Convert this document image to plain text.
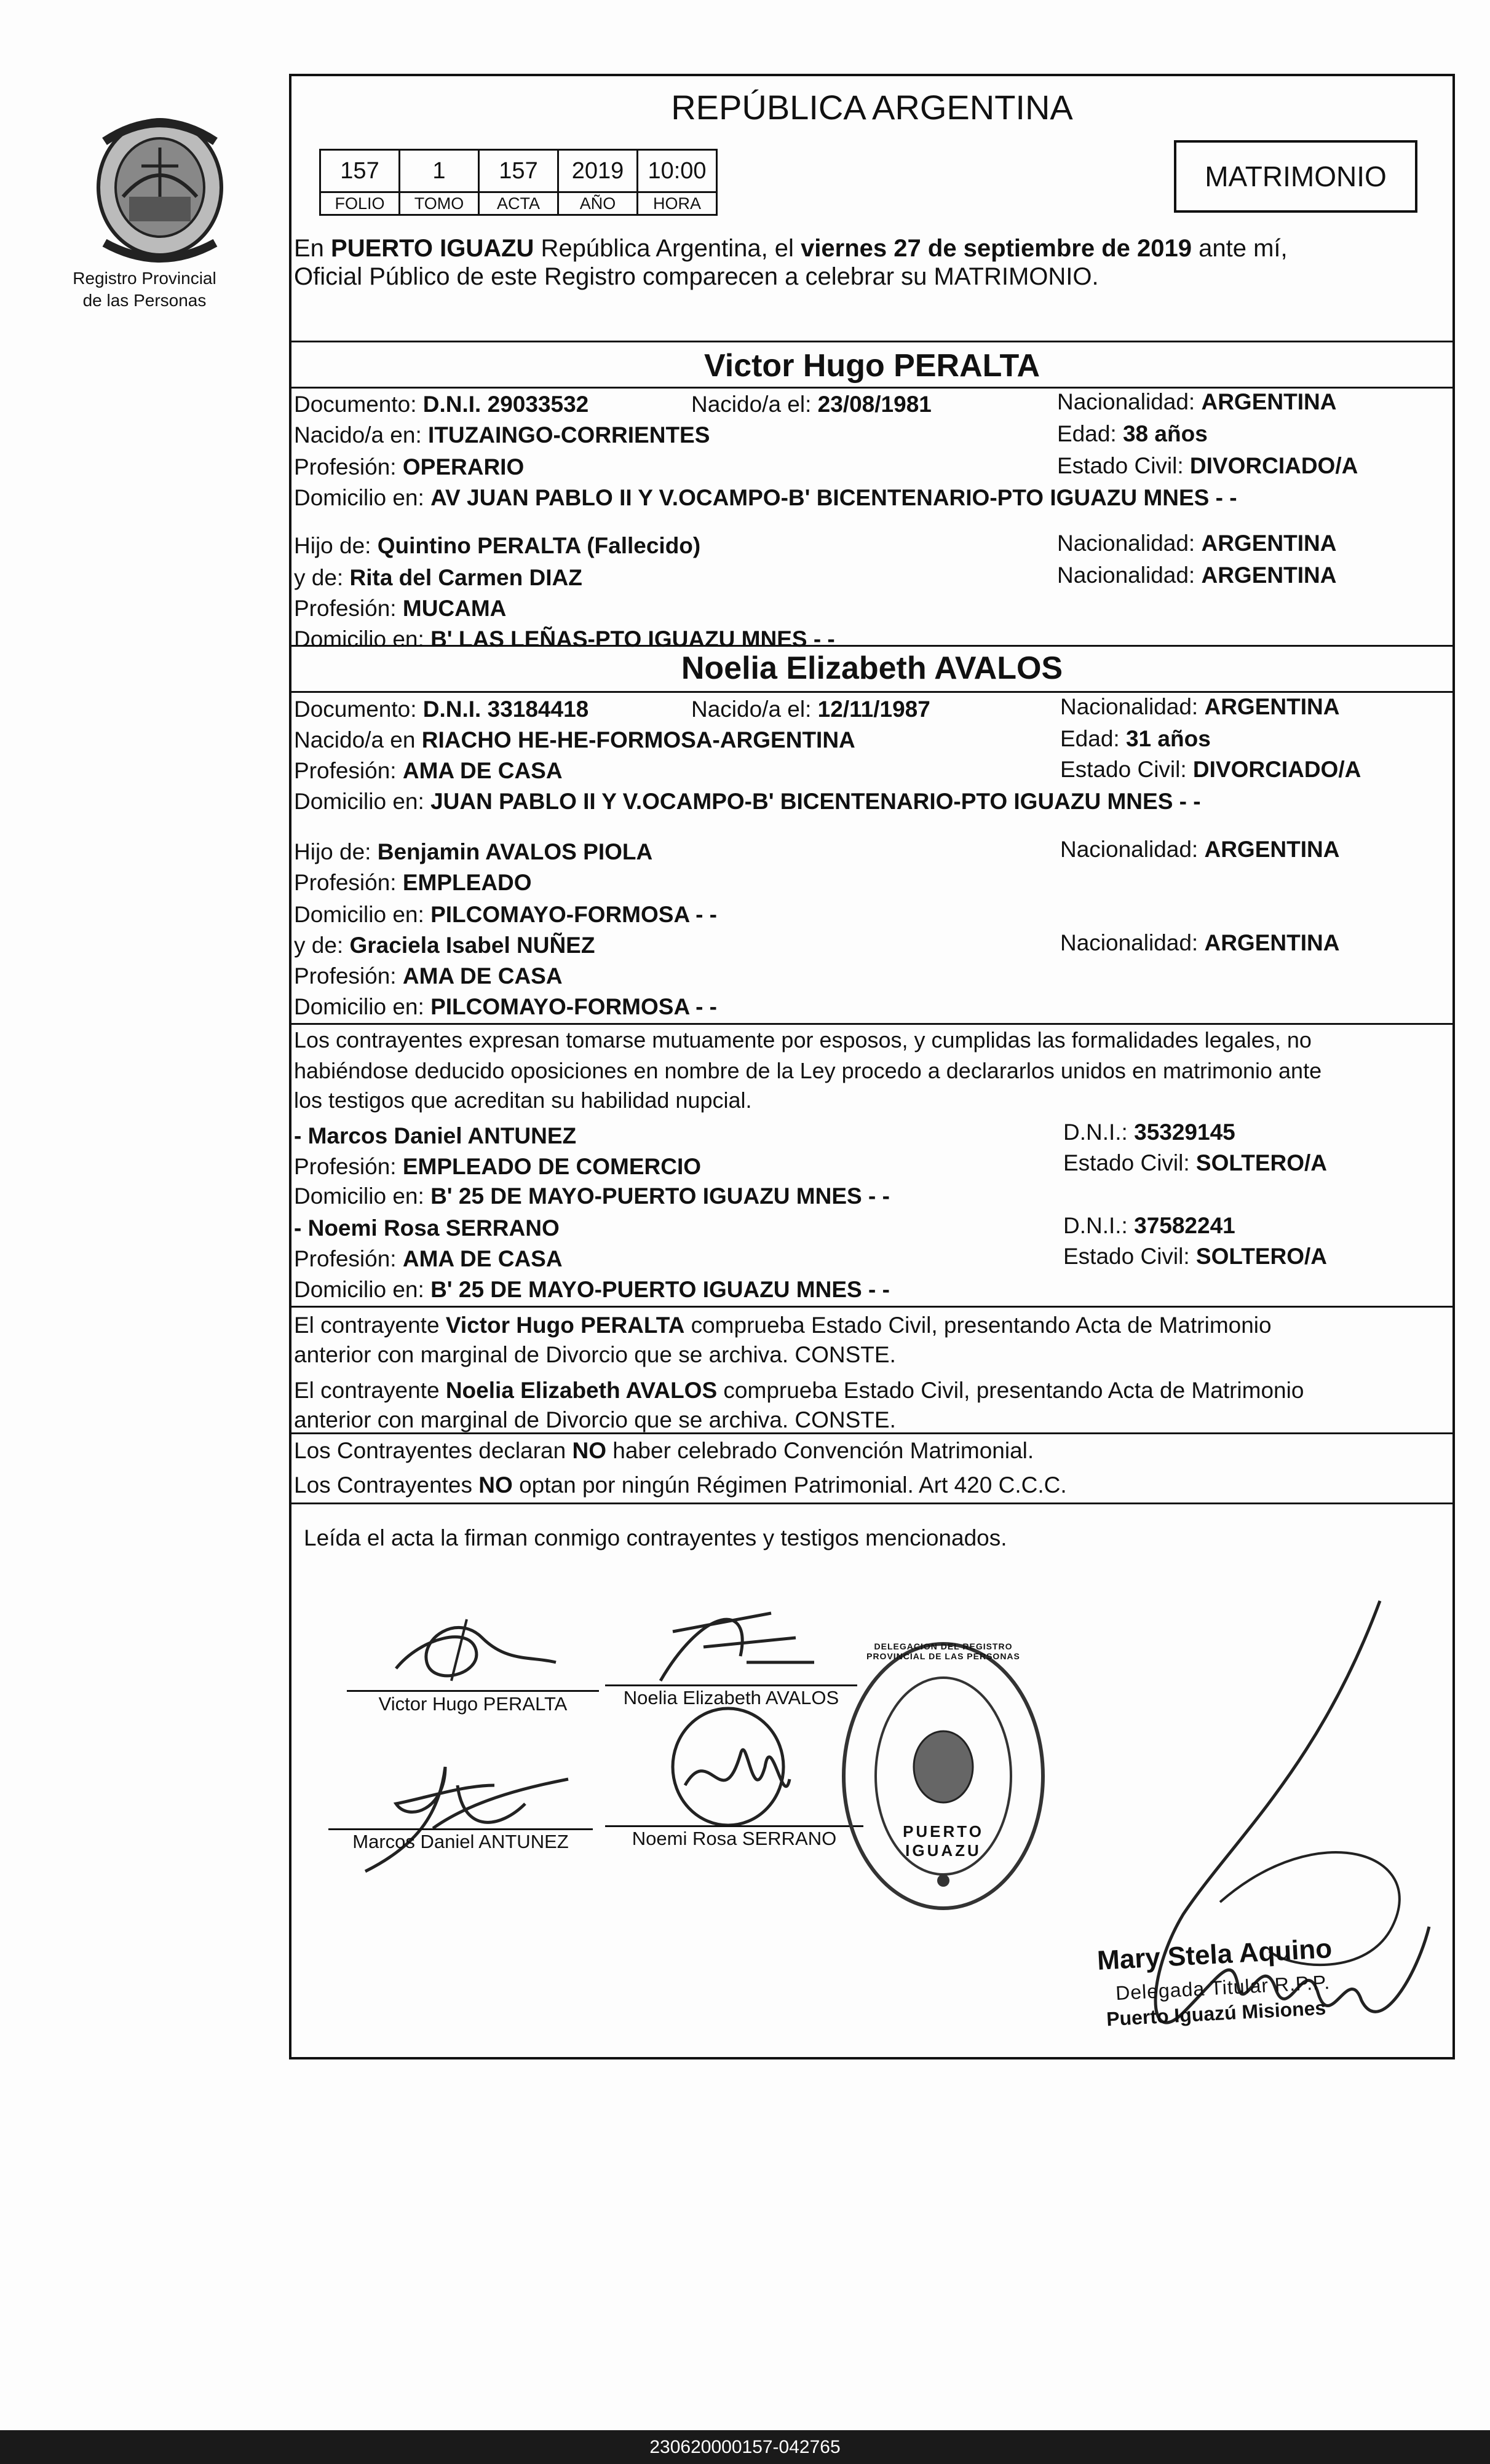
Registro Provincial
de las Personas
REPÚBLICA ARGENTINA
157	1	157	2019	10:00
FOLIO	TOMO	ACTA	AÑO	HORA
MATRIMONIO
En PUERTO IGUAZU República Argentina, el viernes 27 de septiembre de 2019 ante mí,
Oficial Público de este Registro comparecen a celebrar su MATRIMONIO.
Victor Hugo PERALTA
Documento: D.N.I. 29033532	Nacido/a el: 23/08/1981	Nacionalidad: ARGENTINA
Nacido/a en: ITUZAINGO-CORRIENTES	Edad: 38 años
Profesión: OPERARIO	Estado Civil: DIVORCIADO/A
Domicilio en: AV JUAN PABLO II Y V.OCAMPO-B' BICENTENARIO-PTO IGUAZU MNES - -
Hijo de: Quintino PERALTA (Fallecido)	Nacionalidad: ARGENTINA
y de: Rita del Carmen DIAZ	Nacionalidad: ARGENTINA
Profesión: MUCAMA
Domicilio en: B' LAS LEÑAS-PTO IGUAZU MNES - -
Noelia Elizabeth AVALOS
Documento: D.N.I. 33184418	Nacido/a el: 12/11/1987	Nacionalidad: ARGENTINA
Nacido/a en RIACHO HE-HE-FORMOSA-ARGENTINA	Edad: 31 años
Profesión: AMA DE CASA	Estado Civil: DIVORCIADO/A
Domicilio en: JUAN PABLO II Y V.OCAMPO-B' BICENTENARIO-PTO IGUAZU MNES - -
Hijo de: Benjamin AVALOS PIOLA	Nacionalidad: ARGENTINA
Profesión: EMPLEADO
Domicilio en: PILCOMAYO-FORMOSA - -
y de: Graciela Isabel NUÑEZ	Nacionalidad: ARGENTINA
Profesión: AMA DE CASA
Domicilio en: PILCOMAYO-FORMOSA - -
Los contrayentes expresan tomarse mutuamente por esposos, y cumplidas las formalidades legales, no
habiéndose deducido oposiciones en nombre de la Ley procedo a declararlos unidos en matrimonio ante
los testigos que acreditan su habilidad nupcial.
- Marcos Daniel ANTUNEZ	D.N.I.: 35329145
Profesión: EMPLEADO DE COMERCIO	Estado Civil: SOLTERO/A
Domicilio en: B' 25 DE MAYO-PUERTO IGUAZU MNES - -
- Noemi Rosa SERRANO	D.N.I.: 37582241
Profesión: AMA DE CASA	Estado Civil: SOLTERO/A
Domicilio en: B' 25 DE MAYO-PUERTO IGUAZU MNES - -
El contrayente Victor Hugo PERALTA comprueba Estado Civil, presentando Acta de Matrimonio
anterior con marginal de Divorcio que se archiva. CONSTE.
El contrayente Noelia Elizabeth AVALOS comprueba Estado Civil, presentando Acta de Matrimonio
anterior con marginal de Divorcio que se archiva. CONSTE.
Los Contrayentes declaran NO haber celebrado Convención Matrimonial.
Los Contrayentes NO optan por ningún Régimen Patrimonial. Art 420 C.C.C.
Leída el acta la firman conmigo contrayentes y testigos mencionados.
Victor Hugo PERALTA	Noelia Elizabeth AVALOS
Marcos Daniel ANTUNEZ	Noemi Rosa SERRANO	PUERTO IGUAZU
DELEGACION DEL REGISTRO PROVINCIAL DE LAS PERSONAS
Mary Stela Aquino
Delegada Titular R.P.P.
Puerto Iguazú Misiones
230620000157-042765
